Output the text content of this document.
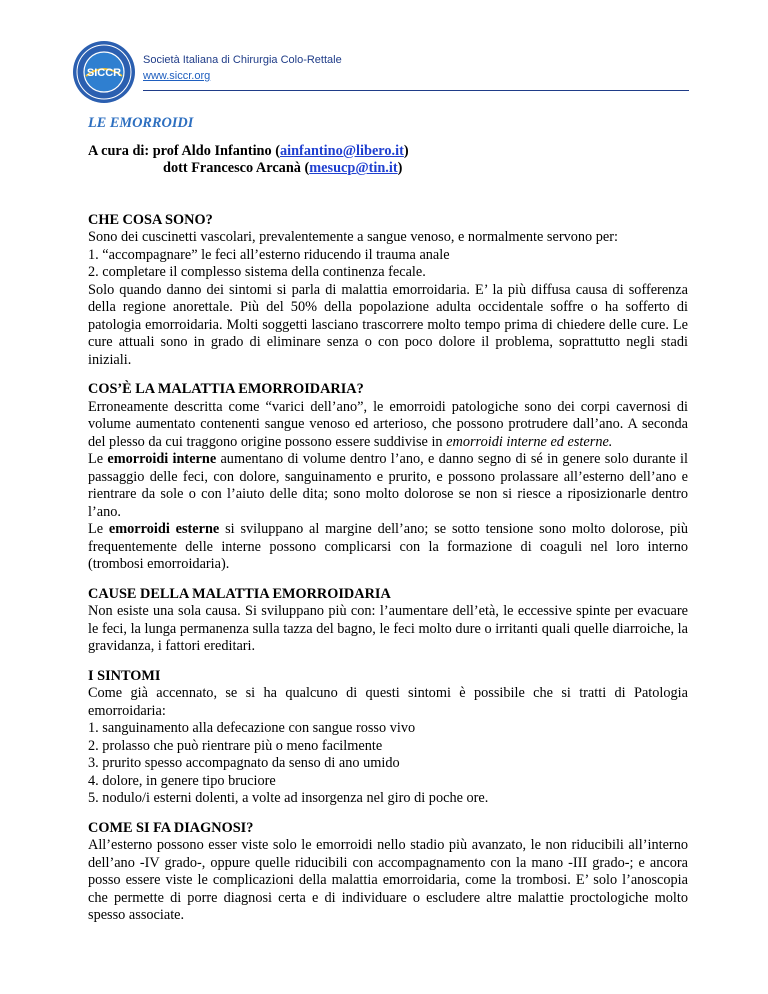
SICCR
Società Italiana di Chirurgia Colo-Rettale
www.siccr.org

LE EMORROIDI

A cura di: prof Aldo Infantino (ainfantino@libero.it)
dott Francesco Arcanà (mesucp@tin.it)
CHE COSA SONO?

Sono dei cuscinetti vascolari, prevalentemente a sangue venoso, e normalmente servono per:

1. “accompagnare” le feci all’esterno riducendo il trauma anale
2. completare il complesso sistema della continenza fecale.

Solo quando danno dei sintomi si parla di malattia emorroidaria. E’ la più diffusa causa di sofferenza della regione anorettale. Più del 50% della popolazione adulta occidentale soffre o ha sofferto di patologia emorroidaria. Molti soggetti lasciano trascorrere molto tempo prima di chiedere delle cure. Le cure attuali sono in grado di eliminare senza o con poco dolore il problema, soprattutto negli stadi iniziali.

COS’È LA MALATTIA EMORROIDARIA?

Erroneamente descritta come “varici dell’ano”, le emorroidi patologiche sono dei corpi cavernosi di volume aumentato contenenti sangue venoso ed arterioso, che possono protrudere dall’ano. A seconda del plesso da cui traggono origine possono essere suddivise in emorroidi interne ed esterne.

Le emorroidi interne aumentano di volume dentro l’ano, e danno segno di sé in genere solo durante il passaggio delle feci, con dolore, sanguinamento e prurito, e possono prolassare all’esterno dell’ano e rientrare da sole o con l’aiuto delle dita; sono molto dolorose se non si riesce a riposizionarle dentro l’ano.

Le emorroidi esterne si sviluppano al margine dell’ano; se sotto tensione sono molto dolorose, più frequentemente delle interne possono complicarsi con la formazione di coaguli nel loro interno (trombosi emorroidaria).

CAUSE DELLA MALATTIA EMORROIDARIA

Non esiste una sola causa. Si sviluppano più con: l’aumentare dell’età, le eccessive spinte per evacuare le feci, la lunga permanenza sulla tazza del bagno, le feci molto dure o irritanti quali quelle diarroiche, la gravidanza, i fattori ereditari.

I SINTOMI

Come già accennato, se si ha qualcuno di questi sintomi è possibile che si tratti di Patologia emorroidaria:

1. sanguinamento alla defecazione con sangue rosso vivo
2. prolasso che può rientrare più o meno facilmente
3. prurito spesso accompagnato da senso di ano umido
4. dolore, in genere tipo bruciore
5. nodulo/i esterni dolenti, a volte ad insorgenza nel giro di poche ore.
COME SI FA DIAGNOSI?

All’esterno possono esser viste solo le emorroidi nello stadio più avanzato, le non riducibili all’interno dell’ano -IV grado-, oppure quelle riducibili con accompagnamento con la mano -III grado-; e ancora posso essere viste le complicazioni della malattia emorroidaria, come la trombosi. E’ solo l’anoscopia che permette di porre diagnosi certa e di individuare o escludere altre malattie proctologiche molto spesso associate.
